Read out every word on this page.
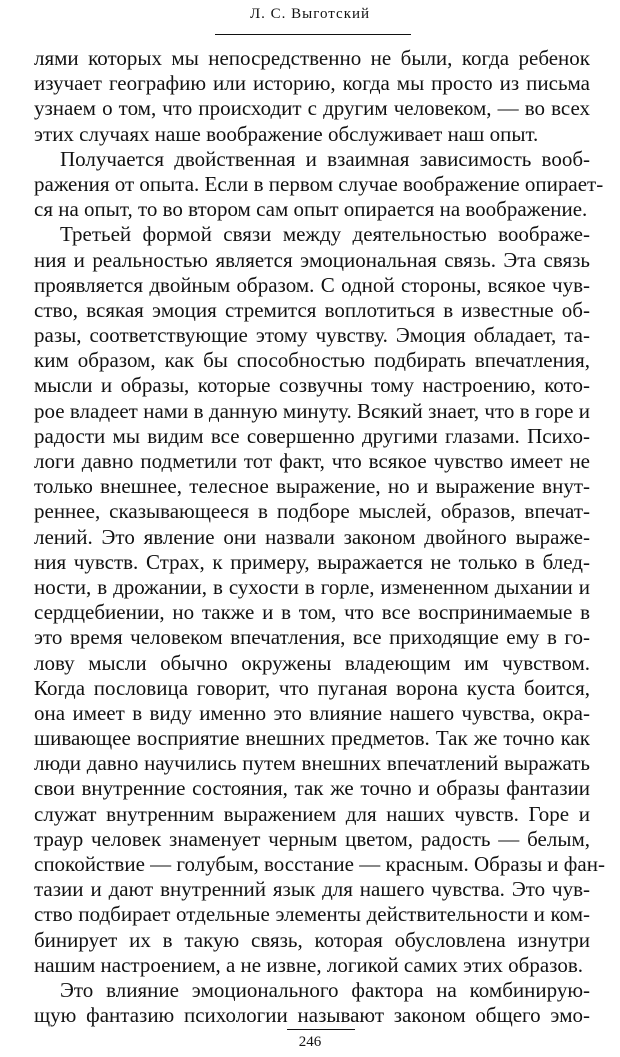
Л. С. Выготский
лями которых мы непосредственно не были, когда ребенок
изучает географию или историю, когда мы просто из письма
узнаем о том, что происходит с другим человеком, — во всех
этих случаях наше воображение обслуживает наш опыт.
Получается двойственная и взаимная зависимость вооб-
ражения от опыта. Если в первом случае воображение опирает-
ся на опыт, то во втором сам опыт опирается на воображение.
Третьей формой связи между деятельностью воображе-
ния и реальностью является эмоциональная связь. Эта связь
проявляется двойным образом. С одной стороны, всякое чув-
ство, всякая эмоция стремится воплотиться в известные об-
разы, соответствующие этому чувству. Эмоция обладает, та-
ким образом, как бы способностью подбирать впечатления,
мысли и образы, которые созвучны тому настроению, кото-
рое владеет нами в данную минуту. Всякий знает, что в горе и
радости мы видим все совершенно другими глазами. Психо-
логи давно подметили тот факт, что всякое чувство имеет не
только внешнее, телесное выражение, но и выражение внут-
реннее, сказывающееся в подборе мыслей, образов, впечат-
лений. Это явление они назвали законом двойного выраже-
ния чувств. Страх, к примеру, выражается не только в блед-
ности, в дрожании, в сухости в горле, измененном дыхании и
сердцебиении, но также и в том, что все воспринимаемые в
это время человеком впечатления, все приходящие ему в го-
лову мысли обычно окружены владеющим им чувством.
Когда пословица говорит, что пуганая ворона куста боится,
она имеет в виду именно это влияние нашего чувства, окра-
шивающее восприятие внешних предметов. Так же точно как
люди давно научились путем внешних впечатлений выражать
свои внутренние состояния, так же точно и образы фантазии
служат внутренним выражением для наших чувств. Горе и
траур человек знаменует черным цветом, радость — белым,
спокойствие — голубым, восстание — красным. Образы и фан-
тазии и дают внутренний язык для нашего чувства. Это чув-
ство подбирает отдельные элементы действительности и ком-
бинирует их в такую связь, которая обусловлена изнутри
нашим настроением, а не извне, логикой самих этих образов.
Это влияние эмоционального фактора на комбинирую-
щую фантазию психологии называют законом общего эмо-
246
